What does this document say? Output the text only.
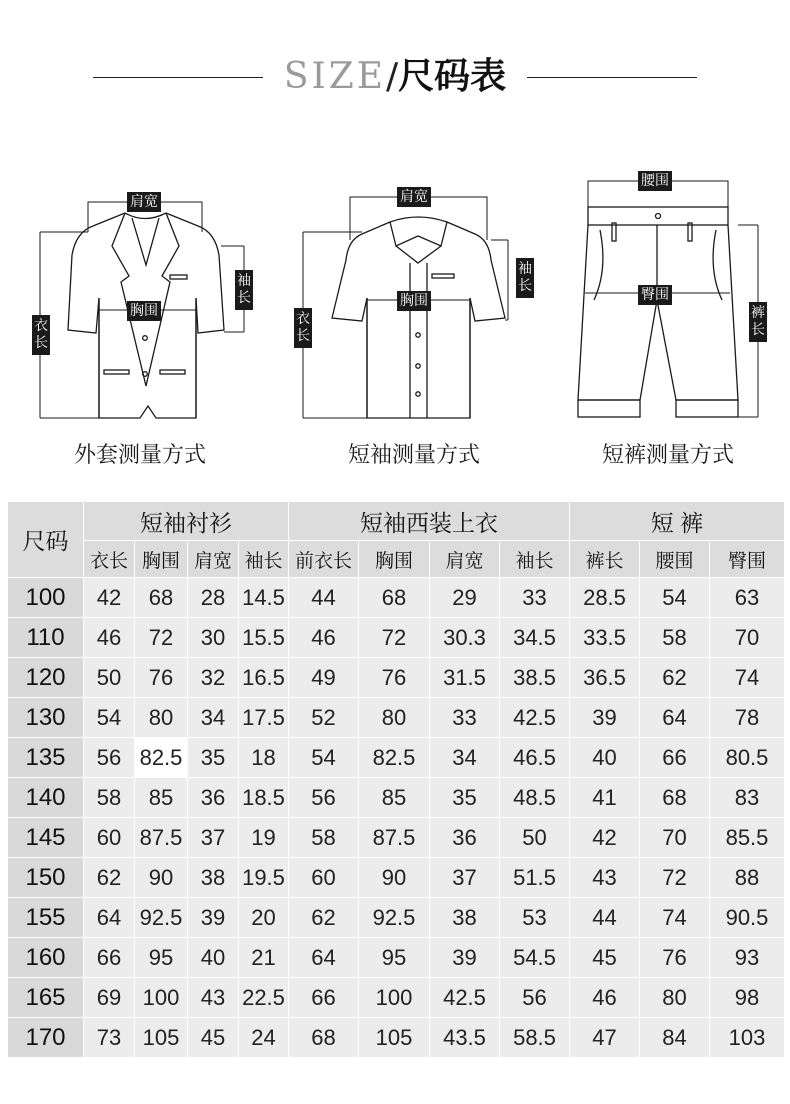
SIZE/尺码表
肩宽
袖长
胸围
衣长
外套测量方式
肩宽
袖长
胸围
衣长
短袖测量方式
腰围
臀围
裤长
短裤测量方式
尺码	短袖衬衫				短袖西装上衣				短 裤		
	衣长	胸围	肩宽	袖长	前衣长	胸围	肩宽	袖长	裤长	腰围	臀围
100	42	68	28	14.5	44	68	29	33	28.5	54	63
110	46	72	30	15.5	46	72	30.3	34.5	33.5	58	70
120	50	76	32	16.5	49	76	31.5	38.5	36.5	62	74
130	54	80	34	17.5	52	80	33	42.5	39	64	78
135	56	82.5	35	18	54	82.5	34	46.5	40	66	80.5
140	58	85	36	18.5	56	85	35	48.5	41	68	83
145	60	87.5	37	19	58	87.5	36	50	42	70	85.5
150	62	90	38	19.5	60	90	37	51.5	43	72	88
155	64	92.5	39	20	62	92.5	38	53	44	74	90.5
160	66	95	40	21	64	95	39	54.5	45	76	93
165	69	100	43	22.5	66	100	42.5	56	46	80	98
170	73	105	45	24	68	105	43.5	58.5	47	84	103
